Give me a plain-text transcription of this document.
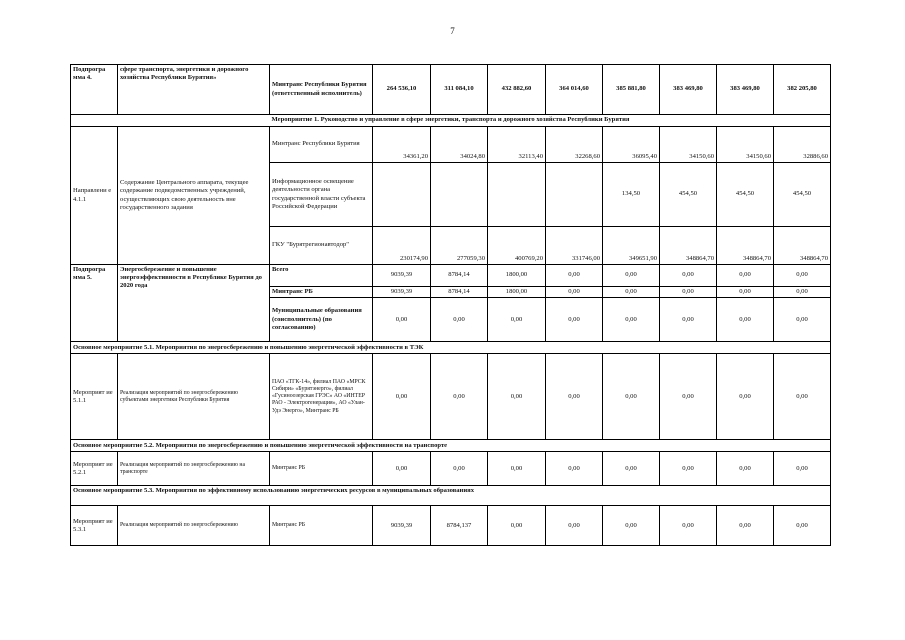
7
Подпрогра мма 4.	сфере транспорта, энергетики и дорожного хозяйства Республики Бурятия»	Минтранс Республики Бурятия (ответственный исполнитель)	264 536,10	311 084,10	432 882,60	364 014,60	385 881,80	383 469,80	383 469,80	382 205,80
Мероприятие 1. Руководство и управление в сфере энергетики, транспорта и дорожного хозяйства Республики Бурятия										
Направлени е 4.1.1	Содержание Центрального аппарата, текущее содержание подведомственных учреждений, осуществляющих свою деятельность вне государственного задания	Минтранс Республики Бурятия	34361,20	34024,80	32113,40	32268,60	36095,40	34150,60	34150,60	32886,60
		Информационное освещение деятельности органа государственной власти субъекта Российской Федерации					134,50	454,50	454,50	454,50
		ГКУ "Бурятрегионавтодор"	230174,90	277059,30	400769,20	331746,00	349651,90	348864,70	348864,70	348864,70
Подпрогра мма 5.	Энергосбережение и повышение энергоэффективности в Республике Бурятия до 2020 года	Всего	9039,39	8784,14	1800,00	0,00	0,00	0,00	0,00	0,00
		Минтранс РБ	9039,39	8784,14	1800,00	0,00	0,00	0,00	0,00	0,00
		Муниципальные образования (соисполнитель) (по согласованию)	0,00	0,00	0,00	0,00	0,00	0,00	0,00	0,00
Основное мероприятие 5.1. Мероприятия по энергосбережению и повышению энергетической эффективности в ТЭК										
Мероприят ие 5.1.1	Реализация мероприятий по энергосбережению субъектами энергетики Республики Бурятия	ПАО «ТГК-14», филиал ПАО «МРСК Сибири» «Бурятэнерго», филиал «Гусиноозерская ГРЭС» АО «ИНТЕР РАО - Электрогенерация», АО «Улан-Удэ Энерго», Минтранс РБ	0,00	0,00	0,00	0,00	0,00	0,00	0,00	0,00
Основное мероприятие 5.2. Мероприятия по энергосбережению и повышению энергетической эффективности на транспорте										
Мероприят ие 5.2.1	Реализация мероприятий по энергосбережению на транспорте	Минтранс РБ	0,00	0,00	0,00	0,00	0,00	0,00	0,00	0,00
Основное мероприятие 5.3. Мероприятия по эффективному использованию энергетических ресурсов в муниципальных образованиях										
Мероприят ие 5.3.1	Реализация мероприятий по энергосбережению	Минтранс РБ	9039,39	8784,137	0,00	0,00	0,00	0,00	0,00	0,00
